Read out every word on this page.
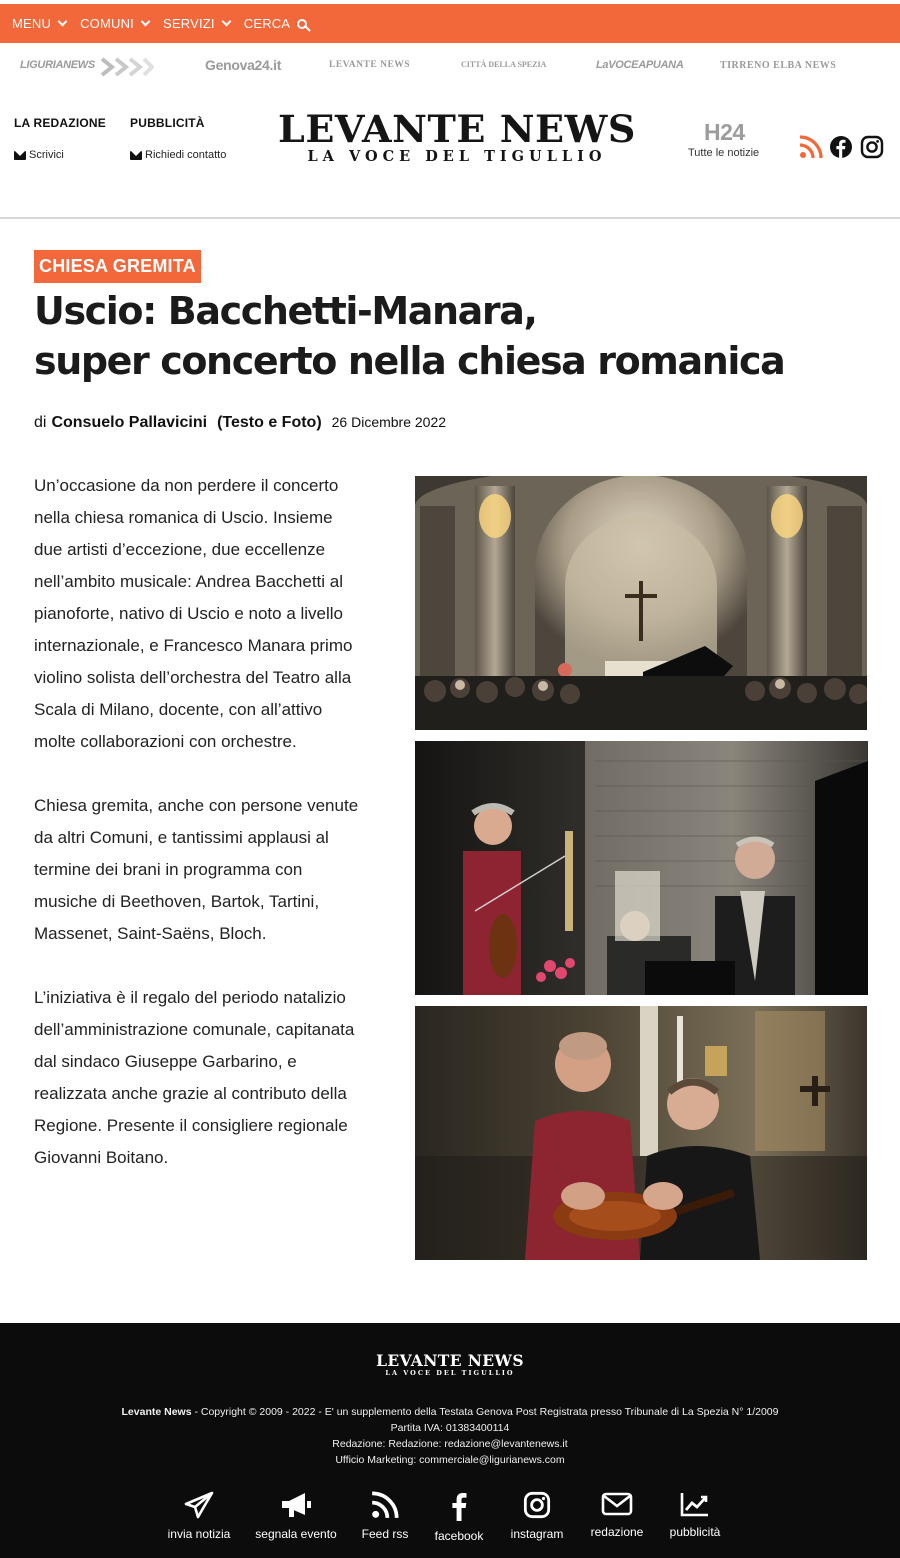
MENU COMUNI SERVIZI CERCA
LIGURIANEWS	Genova24.it	LEVANTE NEWS	CITTÀ DELLA SPEZIA	LaVOCEAPUANA	TIRRENO ELBA NEWS
LA REDAZIONE
Scrivici
PUBBLICITÀ
Richiedi contatto
LEVANTE NEWS
LA VOCE DEL TIGULLIO
H24
Tutte le notizie
CHIESA GREMITA
Uscio: Bacchetti-Manara,
super concerto nella chiesa romanica
di Consuelo Pallavicini (Testo e Foto) 26 Dicembre 2022

Un’occasione da non perdere il concerto nella chiesa romanica di Uscio. Insieme due artisti d’eccezione, due eccellenze nell’ambito musicale: Andrea Bacchetti al pianoforte, nativo di Uscio e noto a livello internazionale, e Francesco Manara primo violino solista dell’orchestra del Teatro alla Scala di Milano, docente, con all’attivo molte collaborazioni con orchestre.

Chiesa gremita, anche con persone venute da altri Comuni, e tantissimi applausi al termine dei brani in programma con musiche di Beethoven, Bartok, Tartini, Massenet, Saint-Saëns, Bloch.

L’iniziativa è il regalo del periodo natalizio dell’amministrazione comunale, capitanata dal sindaco Giuseppe Garbarino, e realizzata anche grazie al contributo della Regione. Presente il consigliere regionale Giovanni Boitano.

LEVANTE NEWS
LA VOCE DEL TIGULLIO
Levante News - Copyright © 2009 - 2022 - E' un supplemento della Testata Genova Post Registrata presso Tribunale di La Spezia N° 1/2009
Partita IVA: 01383400114
Redazione: Redazione: redazione@levantenews.it
Ufficio Marketing: commerciale@ligurianews.com
invia notizia segnala evento Feed rss facebook instagram redazione	pubblicità
